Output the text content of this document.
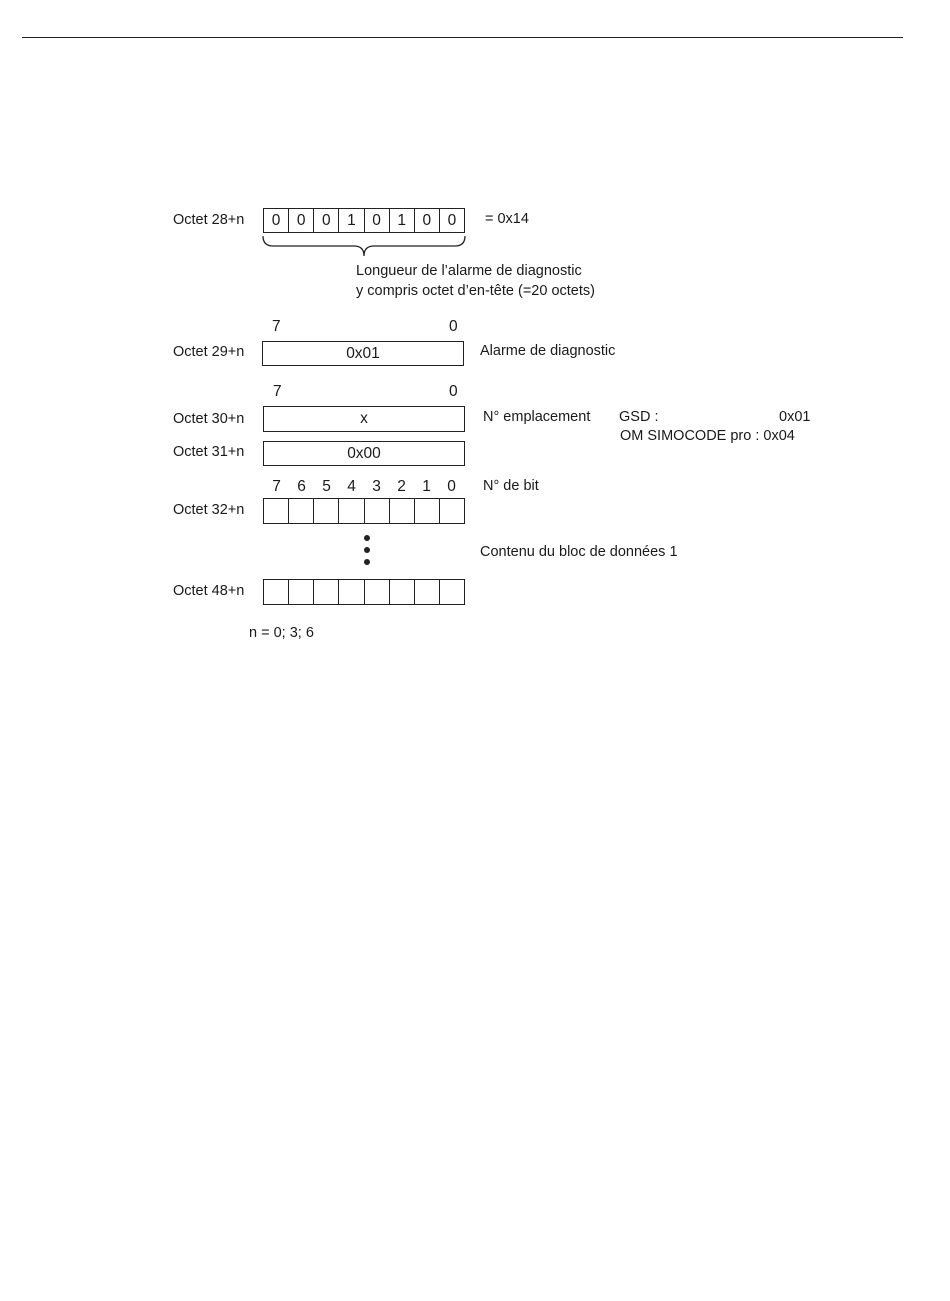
Octet 28+n	0	0	0	1	0	1	0	0	= 0x14
Longueur de l’alarme de diagnostic
y compris octet d’en-tête (=20 octets)
7	0
Octet 29+n	0x01	Alarme de diagnostic
7	0
Octet 30+n	x	N° emplacement GSD :	0x01
OM SIMOCODE pro : 0x04
Octet 31+n	0x00
7	6	5	4	3	2	1	0	N° de bit
Octet 32+n
Contenu du bloc de données 1
Octet 48+n
n = 0; 3; 6
